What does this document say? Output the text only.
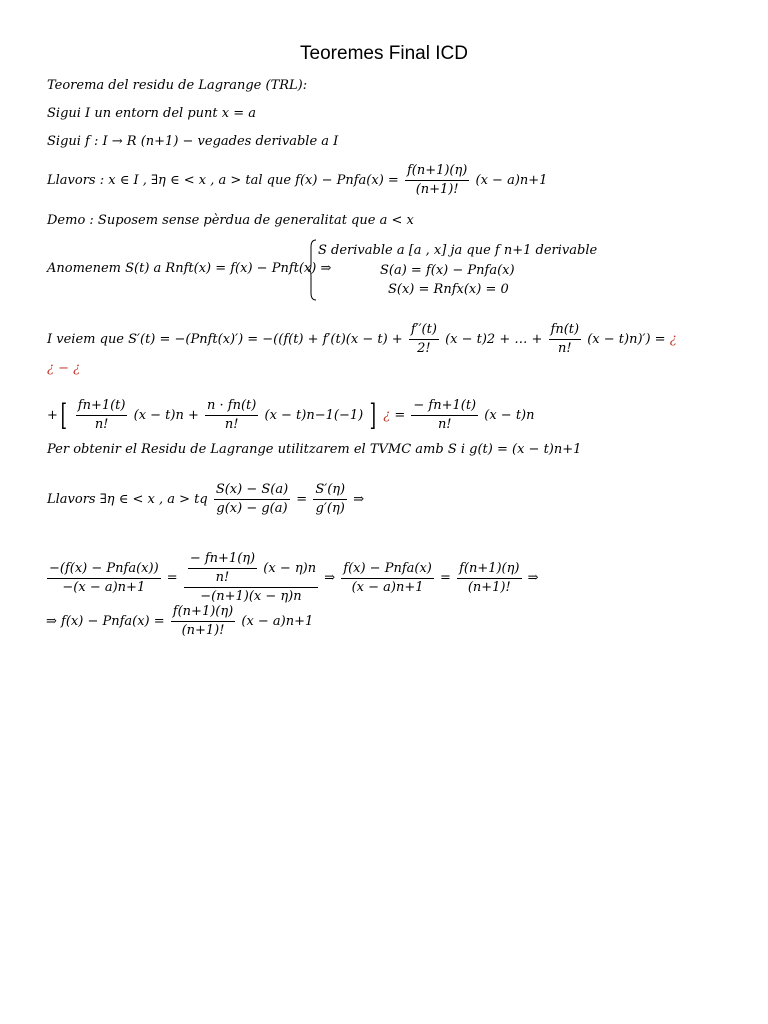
Teoremes Final ICD
Teorema del residu de Lagrange (TRL):
Sigui I un entorn del punt x = a
Sigui f : I → R (n+1) − vegades derivable a I
Llavors : x ∈ I , ∃η ∈ < x , a > tal que f(x) − Pnfa(x) = $\frac{f(n+1)(\eta)}{(n+1)!} (x - a)n+1$
Demo : Suposem sense pèrdua de generalitat que a < x
Anomenem S(t) a Rnft(x) = f(x) − Pnft(x) ⇒
S derivable a [a , x] ja que f n+1 derivable
S(a) = f(x) − Pnfa(x)
S(x) = Rnfx(x) = 0
I veiem que S′(t) = −(Pnft(x)′) = $-((f(t) + f'(t)(x - t) + \frac{f''(t)}{2!} (x - t)2$ + … + $\frac{fn(t)}{n!} (x - t)n)'$) = ¿
¿ − ¿
+[ $\frac{fn+1(t)}{n!} (x - t)n + \frac{n \cdot fn(t)}{n!} (x - t)n-1(-1)$ ] ¿ = $\frac{- fn+1(t)}{n!} (x - t)n$
Per obtenir el Residu de Lagrange utilitzarem el TVMC amb S i g(t) = (x − t)n+1
Llavors ∃η ∈ < x , a > tq $\frac{S(x) - S(a)}{g(x) - g(a)} = \frac{S'(\eta)}{g'(\eta)}$ ⇒
$\frac{\text{−(f(x) − Pnfa(x))}}{-(x - a)n+1} = \frac{\frac{- fn+1(\eta)}{n!} (x - \eta)n}{-(n+1)(x - \eta)n}$ ⇒ $\frac{\text{f(x) − Pnfa(x)}}{(x - a)n+1} = \frac{f(n+1)(\eta)}{(n+1)!}$ ⇒
⇒ f(x) − Pnfa(x) = $\frac{f(n+1)(\eta)}{(n+1)!} (x - a)n+1$
